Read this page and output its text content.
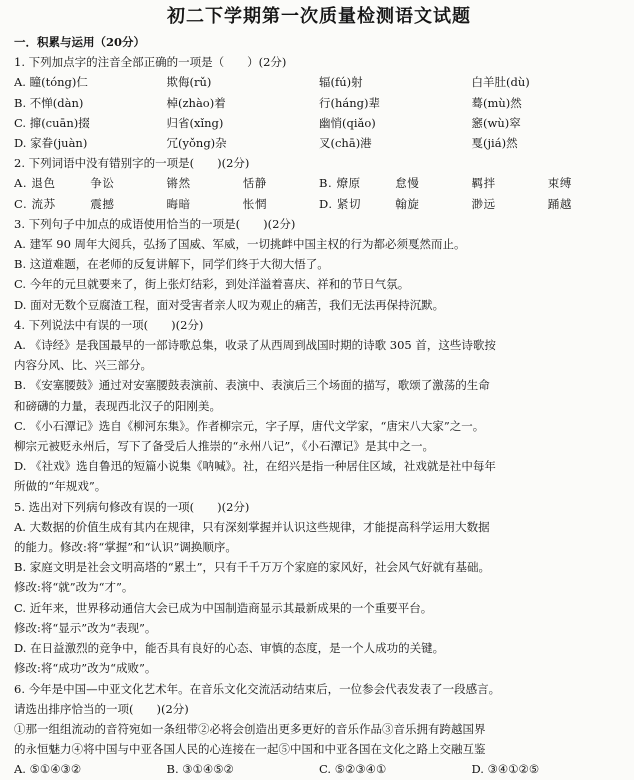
初二下学期第一次质量检测语文试题
一．积累与运用（20分）
1. 下列加点字的注音全部正确的一项是（　　）(2分)
A. 瞳(tóng)仁	欺侮(rǔ)	辐(fú)射	白羊肚(dù)
B. 不惮(dàn)	棹(zhào)着	行(háng)辈	蓦(mù)然
C. 撺(cuān)掇	归省(xǐng)	幽悄(qiǎo)	窸(wù)窣
D. 家眷(juàn)	冗(yǒng)杂	叉(chā)港	戛(jiá)然
2. 下列词语中没有错别字的一项是(　　)(2分)
A. 退色	争讼	锵然	恬静	B. 燎原	怠慢	羁拌	束缚
C. 流苏	震撼	晦暗	怅惘	D. 紧切	翰旋	渺远	踊越
3. 下列句子中加点的成语使用恰当的一项是(　　)(2分)
A. 建军 90 周年大阅兵，弘扬了国威、军威，一切挑衅中国主权的行为都必须戛然而止。
B. 这道难题，在老师的反复讲解下，同学们终于大彻大悟了。
C. 今年的元旦就要来了，街上张灯结彩，到处洋溢着喜庆、祥和的节日气氛。
D. 面对无数个豆腐渣工程，面对受害者亲人叹为观止的痛苦，我们无法再保持沉默。
4. 下列说法中有误的一项(　　)(2分)
A. 《诗经》是我国最早的一部诗歌总集，收录了从西周到战国时期的诗歌 305 首，这些诗歌按
内容分风、比、兴三部分。
B. 《安塞腰鼓》通过对安塞腰鼓表演前、表演中、表演后三个场面的描写，歌颂了激荡的生命
和磅礴的力量，表现西北汉子的阳刚美。
C. 《小石潭记》选自《柳河东集》。作者柳宗元，字子厚，唐代文学家，“唐宋八大家”之一。
柳宗元被贬永州后，写下了备受后人推崇的“永州八记”，《小石潭记》是其中之一。
D. 《社戏》选自鲁迅的短篇小说集《呐喊》。社，在绍兴是指一种居住区域，社戏就是社中每年
所做的“年规戏”。
5. 选出对下列病句修改有误的一项(　　)(2分)
A. 大数据的价值生成有其内在规律，只有深刻掌握并认识这些规律，才能提高科学运用大数据
的能力。修改:将“掌握”和“认识”调换顺序。
B. 家庭文明是社会文明高塔的“累土”，只有千千万万个家庭的家风好，社会风气好就有基础。
修改:将“就”改为“才”。
C. 近年来，世界移动通信大会已成为中国制造商显示其最新成果的一个重要平台。
修改:将“显示”改为“表现”。
D. 在日益激烈的竞争中，能否具有良好的心态、审慎的态度，是一个人成功的关键。
修改:将“成功”改为“成败”。
6. 今年是中国—中亚文化艺术年。在音乐文化交流活动结束后，一位参会代表发表了一段感言。
请选出排序恰当的一项(　　)(2分)
①那一组组流动的音符宛如一条纽带②必将会创造出更多更好的音乐作品③音乐拥有跨越国界
的永恒魅力④将中国与中亚各国人民的心连接在一起⑤中国和中亚各国在文化之路上交融互鉴
A. ⑤①④③②	B. ③①④⑤②	C. ⑤②③④①	D. ③④①②⑤
